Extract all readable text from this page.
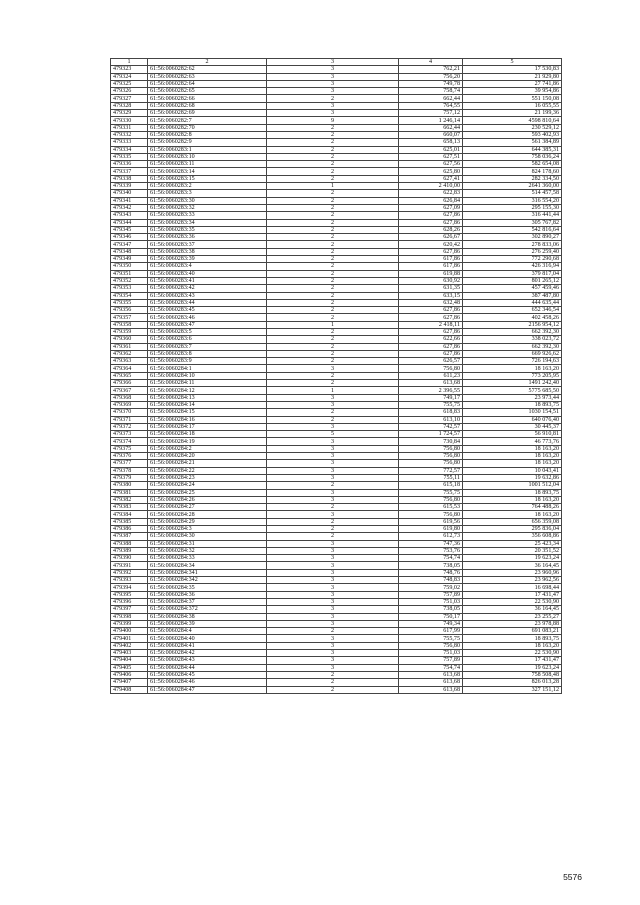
1	2	3	4	5
479323	61:56:0060282:62	3	762,21	17 530,83
479324	61:56:0060282:63	3	756,20	21 929,80
479325	61:56:0060282:64	3	749,78	27 741,86
479326	61:56:0060282:65	3	758,74	39 954,86
479327	61:56:0060282:66	2	662,44	551 150,08
479328	61:56:0060282:68	3	764,55	16 055,55
479329	61:56:0060282:69	3	757,12	21 199,36
479330	61:56:0060282:7	9	1 246,14	4598 810,64
479331	61:56:0060282:70	2	662,44	230 529,12
479332	61:56:0060282:8	2	660,07	593 402,93
479333	61:56:0060282:9	2	658,13	561 384,89
479334	61:56:0060283:1	2	625,01	644 385,31
479335	61:56:0060283:10	2	627,51	758 036,24
479336	61:56:0060283:11	2	627,56	582 654,08
479337	61:56:0060283:14	2	625,80	824 178,60
479338	61:56:0060283:15	2	627,41	282 334,50
479339	61:56:0060283:2	1	2 410,00	2641 360,00
479340	61:56:0060283:3	2	622,83	514 457,58
479341	61:56:0060283:30	2	626,84	316 554,20
479342	61:56:0060283:32	2	627,09	295 155,30
479343	61:56:0060283:33	2	627,86	316 441,44
479344	61:56:0060283:34	2	627,86	305 767,82
479345	61:56:0060283:35	2	628,26	542 816,64
479346	61:56:0060283:36	2	626,67	302 890,27
479347	61:56:0060283:37	2	620,42	278 833,06
479348	61:56:0060283:38	2	627,86	276 259,40
479349	61:56:0060283:39	2	617,86	772 290,68
479350	61:56:0060283:4	2	617,86	426 316,94
479351	61:56:0060283:40	2	619,88	379 817,04
479352	61:56:0060283:41	2	630,92	801 265,12
479353	61:56:0060283:42	2	631,35	457 459,46
479354	61:56:0060283:43	2	633,15	387 487,80
479355	61:56:0060283:44	2	632,48	444 635,44
479356	61:56:0060283:45	2	627,86	652 346,54
479357	61:56:0060283:46	2	627,86	402 458,26
479358	61:56:0060283:47	1	2 418,11	2156 954,12
479359	61:56:0060283:5	2	627,86	662 392,30
479360	61:56:0060283:6	2	622,66	338 023,72
479361	61:56:0060283:7	2	627,86	662 392,30
479362	61:56:0060283:8	2	627,86	669 926,62
479363	61:56:0060283:9	2	626,57	726 194,63
479364	61:56:0060284:1	3	756,80	18 163,20
479365	61:56:0060284:10	2	611,23	773 205,95
479366	61:56:0060284:11	2	613,68	1491 242,40
479367	61:56:0060284:12	1	2 396,55	5775 685,50
479368	61:56:0060284:13	3	749,17	23 973,44
479369	61:56:0060284:14	3	755,75	18 893,75
479370	61:56:0060284:15	2	618,83	1030 154,51
479371	61:56:0060284:16	2	613,10	640 076,40
479372	61:56:0060284:17	3	742,57	30 445,37
479373	61:56:0060284:18	5	1 724,57	56 910,81
479374	61:56:0060284:19	3	730,84	46 773,76
479375	61:56:0060284:2	3	756,80	18 163,20
479376	61:56:0060284:20	3	756,80	18 163,20
479377	61:56:0060284:21	3	756,80	18 163,20
479378	61:56:0060284:22	3	772,57	10 043,41
479379	61:56:0060284:23	3	755,11	19 632,86
479380	61:56:0060284:24	2	615,18	1001 512,04
479381	61:56:0060284:25	3	755,75	18 893,75
479382	61:56:0060284:26	3	756,80	18 163,20
479383	61:56:0060284:27	2	615,53	764 488,26
479384	61:56:0060284:28	3	756,80	18 163,20
479385	61:56:0060284:29	2	619,56	656 359,08
479386	61:56:0060284:3	2	619,80	295 836,04
479387	61:56:0060284:30	2	612,73	356 608,86
479388	61:56:0060284:31	3	747,36	25 423,34
479389	61:56:0060284:32	3	753,76	20 351,52
479390	61:56:0060284:33	3	754,74	19 623,24
479391	61:56:0060284:34	3	738,05	36 164,45
479392	61:56:0060284:341	3	748,76	23 960,96
479393	61:56:0060284:342	3	748,83	23 962,56
479394	61:56:0060284:35	3	759,02	16 698,44
479395	61:56:0060284:36	3	757,89	17 431,47
479396	61:56:0060284:37	3	751,03	22 530,90
479397	61:56:0060284:372	3	738,05	36 164,45
479398	61:56:0060284:38	3	750,17	23 255,27
479399	61:56:0060284:39	3	749,34	23 978,88
479400	61:56:0060284:4	2	617,99	691 083,21
479401	61:56:0060284:40	3	755,75	18 893,75
479402	61:56:0060284:41	3	756,80	18 163,20
479403	61:56:0060284:42	3	751,03	22 530,90
479404	61:56:0060284:43	3	757,89	17 431,47
479405	61:56:0060284:44	3	754,74	19 623,24
479406	61:56:0060284:45	2	613,68	758 508,48
479407	61:56:0060284:46	2	613,68	826 013,28
479408	61:56:0060284:47	2	613,68	327 151,12
5576
